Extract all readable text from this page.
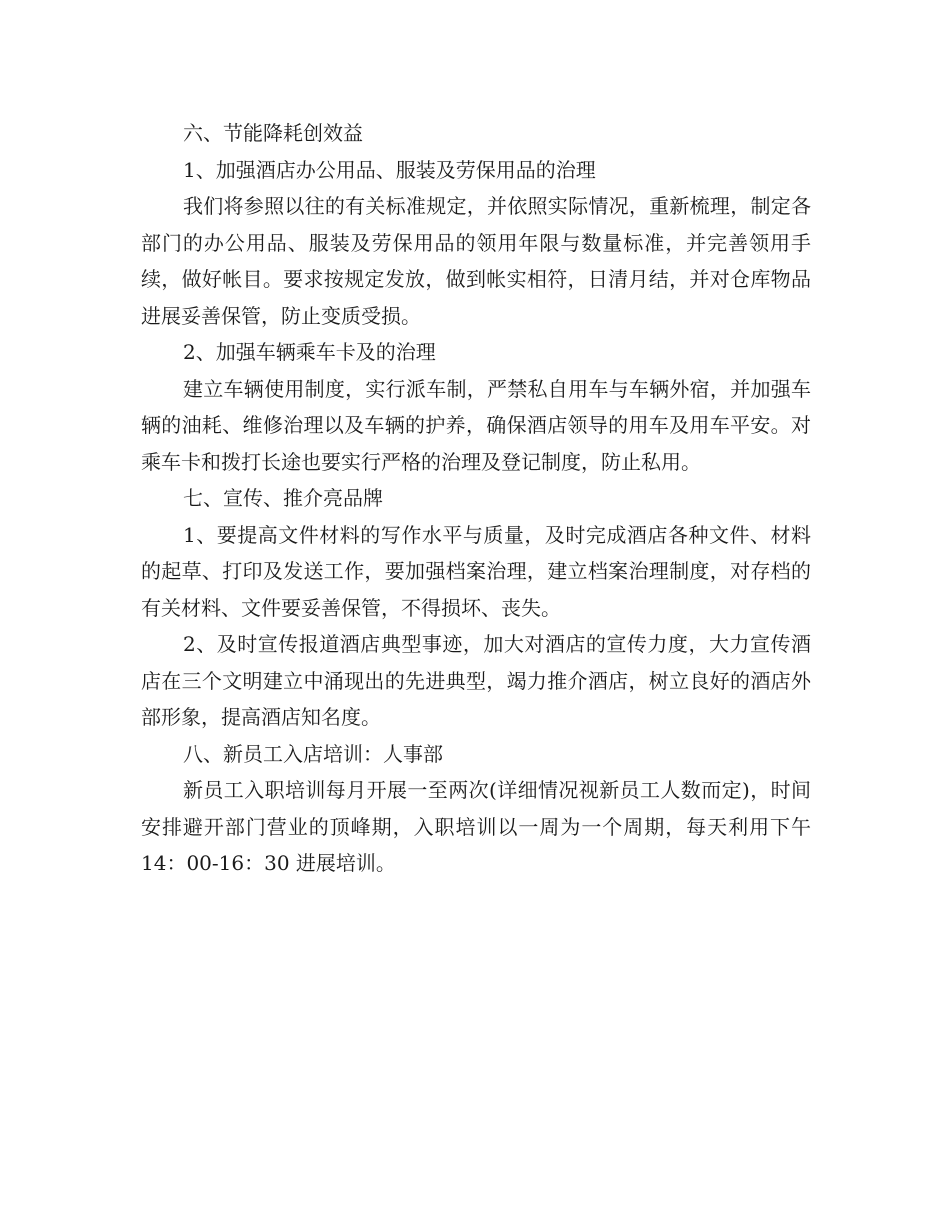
六、节能降耗创效益

1、加强酒店办公用品、服装及劳保用品的治理

我们将参照以往的有关标准规定，并依照实际情况，重新梳理，制定各部门的办公用品、服装及劳保用品的领用年限与数量标准，并完善领用手续，做好帐目。要求按规定发放，做到帐实相符，日清月结，并对仓库物品进展妥善保管，防止变质受损。

2、加强车辆乘车卡及的治理

建立车辆使用制度，实行派车制，严禁私自用车与车辆外宿，并加强车辆的油耗、维修治理以及车辆的护养，确保酒店领导的用车及用车平安。对乘车卡和拨打长途也要实行严格的治理及登记制度，防止私用。

七、宣传、推介亮品牌

1、要提高文件材料的写作水平与质量，及时完成酒店各种文件、材料的起草、打印及发送工作，要加强档案治理，建立档案治理制度，对存档的有关材料、文件要妥善保管，不得损坏、丧失。

2、及时宣传报道酒店典型事迹，加大对酒店的宣传力度，大力宣传酒店在三个文明建立中涌现出的先进典型，竭力推介酒店，树立良好的酒店外部形象，提高酒店知名度。

八、新员工入店培训：人事部

新员工入职培训每月开展一至两次(详细情况视新员工人数而定)，时间安排避开部门营业的顶峰期，入职培训以一周为一个周期，每天利用下午 14：00-16：30 进展培训。
